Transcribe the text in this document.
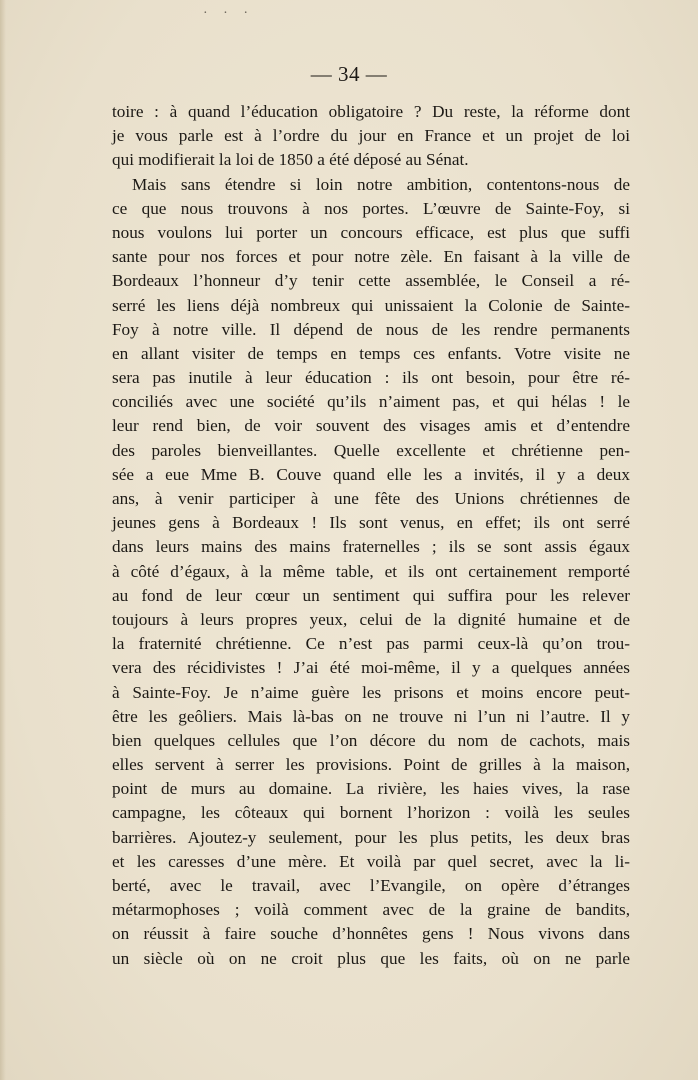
· · ·
— 34 —
toire : à quand l’éducation obligatoire ? Du reste, la réforme dont
je vous parle est à l’ordre du jour en France et un projet de loi
qui modifierait la loi de 1850 a été déposé au Sénat.
Mais sans étendre si loin notre ambition, contentons-nous de
ce que nous trouvons à nos portes. L’œuvre de Sainte-Foy, si
nous voulons lui porter un concours efficace, est plus que suffi
sante pour nos forces et pour notre zèle. En faisant à la ville de
Bordeaux l’honneur d’y tenir cette assemblée, le Conseil a ré-
serré les liens déjà nombreux qui unissaient la Colonie de Sainte-
Foy à notre ville. Il dépend de nous de les rendre permanents
en allant visiter de temps en temps ces enfants. Votre visite ne
sera pas inutile à leur éducation : ils ont besoin, pour être ré-
conciliés avec une société qu’ils n’aiment pas, et qui hélas ! le
leur rend bien, de voir souvent des visages amis et d’entendre
des paroles bienveillantes. Quelle excellente et chrétienne pen-
sée a eue Mme B. Couve quand elle les a invités, il y a deux
ans, à venir participer à une fête des Unions chrétiennes de
jeunes gens à Bordeaux ! Ils sont venus, en effet; ils ont serré
dans leurs mains des mains fraternelles ; ils se sont assis égaux
à côté d’égaux, à la même table, et ils ont certainement remporté
au fond de leur cœur un sentiment qui suffira pour les relever
toujours à leurs propres yeux, celui de la dignité humaine et de
la fraternité chrétienne. Ce n’est pas parmi ceux-là qu’on trou-
vera des récidivistes ! J’ai été moi-même, il y a quelques années
à Sainte-Foy. Je n’aime guère les prisons et moins encore peut-
être les geôliers. Mais là-bas on ne trouve ni l’un ni l’autre. Il y
bien quelques cellules que l’on décore du nom de cachots, mais
elles servent à serrer les provisions. Point de grilles à la maison,
point de murs au domaine. La rivière, les haies vives, la rase
campagne, les côteaux qui bornent l’horizon : voilà les seules
barrières. Ajoutez-y seulement, pour les plus petits, les deux bras
et les caresses d’une mère. Et voilà par quel secret, avec la li-
berté, avec le travail, avec l’Evangile, on opère d’étranges
métarmophoses ; voilà comment avec de la graine de bandits,
on réussit à faire souche d’honnêtes gens ! Nous vivons dans
un siècle où on ne croit plus que les faits, où on ne parle
